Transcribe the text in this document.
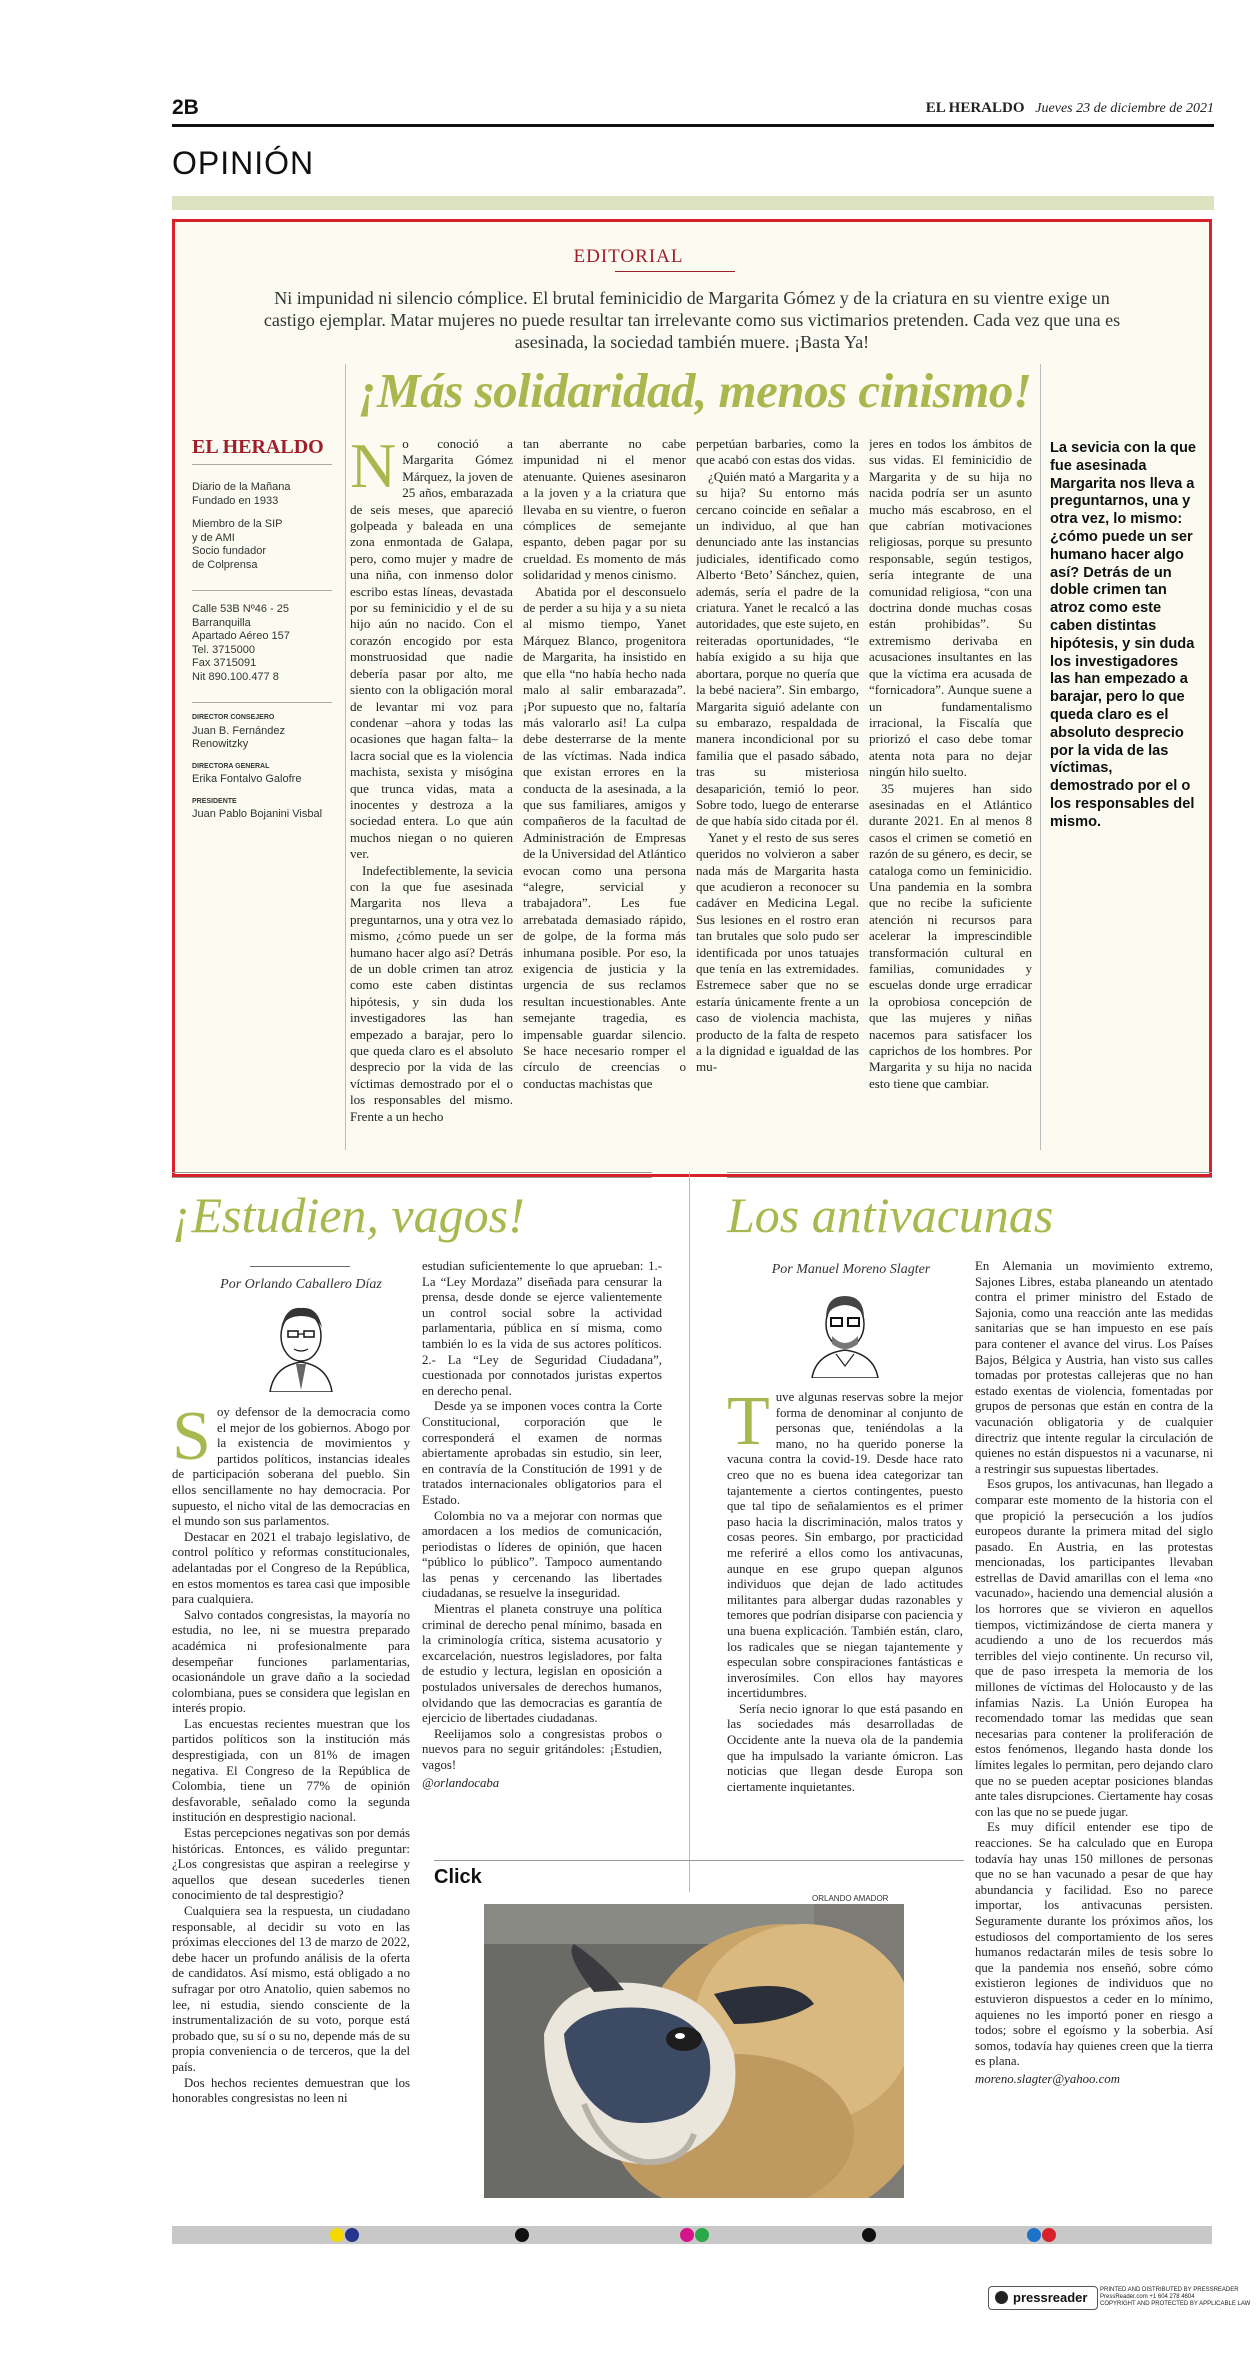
2B	EL HERALDO Jueves 23 de diciembre de 2021
OPINIÓN
EDITORIAL
Ni impunidad ni silencio cómplice. El brutal feminicidio de Margarita Gómez y de la criatura en su vientre exige un castigo ejemplar. Matar mujeres no puede resultar tan irrelevante como sus victimarios pretenden. Cada vez que una es asesinada, la sociedad también muere. ¡Basta Ya!
¡Más solidaridad, menos cinismo!
EL HERALDO
Diario de la Mañana
Fundado en 1933
Miembro de la SIP
y de AMI
Socio fundador
de Colprensa
Calle 53B Nº46 - 25
Barranquilla
Apartado Aéreo 157
Tel. 3715000
Fax 3715091
Nit 890.100.477 8
DIRECTOR CONSEJERO
Juan B. Fernández Renowitzky
DIRECTORA GENERAL
Erika Fontalvo Galofre
PRESIDENTE
Juan Pablo Bojanini Visbal
N o conoció a Margarita Gómez Márquez, la joven de 25 años, embarazada de seis meses, que apareció golpeada y baleada en una zona enmontada de Galapa, pero, como mujer y madre de una niña, con inmenso dolor escribo estas líneas, devastada por su feminicidio y el de su hijo aún no nacido. Con el corazón encogido por esta monstruosidad que nadie debería pasar por alto, me siento con la obligación moral de levantar mi voz para condenar –ahora y todas las ocasiones que hagan falta– la lacra social que es la violencia machista, sexista y misógina que trunca vidas, mata a inocentes y destroza a la sociedad entera. Lo que aún muchos niegan o no quieren ver.

Indefectiblemente, la sevicia con la que fue asesinada Margarita nos lleva a preguntarnos, una y otra vez lo mismo, ¿cómo puede un ser humano hacer algo así? Detrás de un doble crimen tan atroz como este caben distintas hipótesis, y sin duda los investigadores las han empezado a barajar, pero lo que queda claro es el absoluto desprecio por la vida de las víctimas demostrado por el o los responsables del mismo. Frente a un hecho

tan aberrante no cabe impunidad ni el menor atenuante. Quienes asesinaron a la joven y a la criatura que llevaba en su vientre, o fueron cómplices de semejante espanto, deben pagar por su crueldad. Es momento de más solidaridad y menos cinismo.

Abatida por el desconsuelo de perder a su hija y a su nieta al mismo tiempo, Yanet Márquez Blanco, progenitora de Margarita, ha insistido en que ella “no había hecho nada malo al salir embarazada”. ¡Por supuesto que no, faltaría más valorarlo así! La culpa debe desterrarse de la mente de las víctimas. Nada indica que existan errores en la conducta de la asesinada, a la que sus familiares, amigos y compañeros de la facultad de Administración de Empresas de la Universidad del Atlántico evocan como una persona “alegre, servicial y trabajadora”. Les fue arrebatada demasiado rápido, de golpe, de la forma más inhumana posible. Por eso, la exigencia de justicia y la urgencia de sus reclamos resultan incuestionables. Ante semejante tragedia, es impensable guardar silencio. Se hace necesario romper el círculo de creencias o conductas machistas que

perpetúan barbaries, como la que acabó con estas dos vidas.

¿Quién mató a Margarita y a su hija? Su entorno más cercano coincide en señalar a un individuo, al que han denunciado ante las instancias judiciales, identificado como Alberto ‘Beto’ Sánchez, quien, además, sería el padre de la criatura. Yanet le recalcó a las autoridades, que este sujeto, en reiteradas oportunidades, “le había exigido a su hija que abortara, porque no quería que la bebé naciera”. Sin embargo, Margarita siguió adelante con su embarazo, respaldada de manera incondicional por su familia que el pasado sábado, tras su misteriosa desaparición, temió lo peor. Sobre todo, luego de enterarse de que había sido citada por él.

Yanet y el resto de sus seres queridos no volvieron a saber nada más de Margarita hasta que acudieron a reconocer su cadáver en Medicina Legal. Sus lesiones en el rostro eran tan brutales que solo pudo ser identificada por unos tatuajes que tenía en las extremidades. Estremece saber que no se estaría únicamente frente a un caso de violencia machista, producto de la falta de respeto a la dignidad e igualdad de las mu-

jeres en todos los ámbitos de sus vidas. El feminicidio de Margarita y de su hija no nacida podría ser un asunto mucho más escabroso, en el que cabrían motivaciones religiosas, porque su presunto responsable, según testigos, sería integrante de una comunidad religiosa, “con una doctrina donde muchas cosas están prohibidas”. Su extremismo derivaba en acusaciones insultantes en las que la víctima era acusada de “fornicadora”. Aunque suene a un fundamentalismo irracional, la Fiscalía que priorizó el caso debe tomar atenta nota para no dejar ningún hilo suelto.

35 mujeres han sido asesinadas en el Atlántico durante 2021. En al menos 8 casos el crimen se cometió en razón de su género, es decir, se cataloga como un feminicidio. Una pandemia en la sombra que no recibe la suficiente atención ni recursos para acelerar la imprescindible transformación cultural en familias, comunidades y escuelas donde urge erradicar la oprobiosa concepción de que las mujeres y niñas nacemos para satisfacer los caprichos de los hombres. Por Margarita y su hija no nacida esto tiene que cambiar.

La sevicia con la que fue asesinada Margarita nos lleva a preguntarnos, una y otra vez, lo mismo: ¿cómo puede un ser humano hacer algo así? Detrás de un doble crimen tan atroz como este caben distintas hipótesis, y sin duda los investigadores las han empezado a barajar, pero lo que queda claro es el absoluto desprecio por la vida de las víctimas, demostrado por el o los responsables del mismo.
¡Estudien, vagos!
Por Orlando Caballero Díaz
S oy defensor de la democracia como el mejor de los gobiernos. Abogo por la existencia de movimientos y partidos políticos, instancias ideales de participación soberana del pueblo. Sin ellos sencillamente no hay democracia. Por supuesto, el nicho vital de las democracias en el mundo son sus parlamentos.

Destacar en 2021 el trabajo legislativo, de control político y reformas constitucionales, adelantadas por el Congreso de la República, en estos momentos es tarea casi que imposible para cualquiera.

Salvo contados congresistas, la mayoría no estudia, no lee, ni se muestra preparado académica ni profesionalmente para desempeñar funciones parlamentarias, ocasionándole un grave daño a la sociedad colombiana, pues se considera que legislan en interés propio.

Las encuestas recientes muestran que los partidos políticos son la institución más desprestigiada, con un 81% de imagen negativa. El Congreso de la República de Colombia, tiene un 77% de opinión desfavorable, señalado como la segunda institución en desprestigio nacional.

Estas percepciones negativas son por demás históricas. Entonces, es válido preguntar: ¿Los congresistas que aspiran a reelegirse y aquellos que desean sucederles tienen conocimiento de tal desprestigio?

Cualquiera sea la respuesta, un ciudadano responsable, al decidir su voto en las próximas elecciones del 13 de marzo de 2022, debe hacer un profundo análisis de la oferta de candidatos. Así mismo, está obligado a no sufragar por otro Anatolio, quien sabemos no lee, ni estudia, siendo consciente de la instrumentalización de su voto, porque está probado que, su sí o su no, depende más de su propia conveniencia o de terceros, que la del país.

Dos hechos recientes demuestran que los honorables congresistas no leen ni

estudian suficientemente lo que aprueban: 1.- La “Ley Mordaza” diseñada para censurar la prensa, desde donde se ejerce valientemente un control social sobre la actividad parlamentaria, pública en sí misma, como también lo es la vida de sus actores políticos. 2.- La “Ley de Seguridad Ciudadana”, cuestionada por connotados juristas expertos en derecho penal.

Desde ya se imponen voces contra la Corte Constitucional, corporación que le corresponderá el examen de normas abiertamente aprobadas sin estudio, sin leer, en contravía de la Constitución de 1991 y de tratados internacionales obligatorios para el Estado.

Colombia no va a mejorar con normas que amordacen a los medios de comunicación, periodistas o líderes de opinión, que hacen “público lo público”. Tampoco aumentando las penas y cercenando las libertades ciudadanas, se resuelve la inseguridad.

Mientras el planeta construye una política criminal de derecho penal mínimo, basada en la criminología crítica, sistema acusatorio y excarcelación, nuestros legisladores, por falta de estudio y lectura, legislan en oposición a postulados universales de derechos humanos, olvidando que las democracias es garantía de ejercicio de libertades ciudadanas.

Reelijamos solo a congresistas probos o nuevos para no seguir gritándoles: ¡Estudien, vagos!

@orlandocaba
Los antivacunas
Por Manuel Moreno Slagter
T uve algunas reservas sobre la mejor forma de denominar al conjunto de personas que, teniéndolas a la mano, no ha querido ponerse la vacuna contra la covid-19. Desde hace rato creo que no es buena idea categorizar tan tajantemente a ciertos contingentes, puesto que tal tipo de señalamientos es el primer paso hacia la discriminación, malos tratos y cosas peores. Sin embargo, por practicidad me referiré a ellos como los antivacunas, aunque en ese grupo quepan algunos individuos que dejan de lado actitudes militantes para albergar dudas razonables y temores que podrían disiparse con paciencia y una buena explicación. También están, claro, los radicales que se niegan tajantemente y especulan sobre conspiraciones fantásticas e inverosímiles. Con ellos hay mayores incertidumbres.

Sería necio ignorar lo que está pasando en las sociedades más desarrolladas de Occidente ante la nueva ola de la pandemia que ha impulsado la variante ómicron. Las noticias que llegan desde Europa son ciertamente inquietantes.

En Alemania un movimiento extremo, Sajones Libres, estaba planeando un atentado contra el primer ministro del Estado de Sajonia, como una reacción ante las medidas sanitarias que se han impuesto en ese país para contener el avance del virus. Los Países Bajos, Bélgica y Austria, han visto sus calles tomadas por protestas callejeras que no han estado exentas de violencia, fomentadas por grupos de personas que están en contra de la vacunación obligatoria y de cualquier directriz que intente regular la circulación de quienes no están dispuestos ni a vacunarse, ni a restringir sus supuestas libertades.

Esos grupos, los antivacunas, han llegado a comparar este momento de la historia con el que propició la persecución a los judíos europeos durante la primera mitad del siglo pasado. En Austria, en las protestas mencionadas, los participantes llevaban estrellas de David amarillas con el lema «no vacunado», haciendo una demencial alusión a los horrores que se vivieron en aquellos tiempos, victimizándose de cierta manera y acudiendo a uno de los recuerdos más terribles del viejo continente. Un recurso vil, que de paso irrespeta la memoria de los millones de víctimas del Holocausto y de las infamias Nazis. La Unión Europea ha recomendado tomar las medidas que sean necesarias para contener la proliferación de estos fenómenos, llegando hasta donde los límites legales lo permitan, pero dejando claro que no se pueden aceptar posiciones blandas ante tales disrupciones. Ciertamente hay cosas con las que no se puede jugar.

Es muy difícil entender ese tipo de reacciones. Se ha calculado que en Europa todavía hay unas 150 millones de personas que no se han vacunado a pesar de que hay abundancia y facilidad. Eso no parece importar, los antivacunas persisten. Seguramente durante los próximos años, los estudiosos del comportamiento de los seres humanos redactarán miles de tesis sobre lo que la pandemia nos enseñó, sobre cómo existieron legiones de individuos que no estuvieron dispuestos a ceder en lo mínimo, aquienes no les importó poner en riesgo a todos; sobre el egoísmo y la soberbia. Así somos, todavía hay quienes creen que la tierra es plana.

moreno.slagter@yahoo.com
Click
ORLANDO AMADOR
pressreader PRINTED AND DISTRIBUTED BY PRESSREADER
PressReader.com +1 604 278 4604
COPYRIGHT AND PROTECTED BY APPLICABLE LAW
